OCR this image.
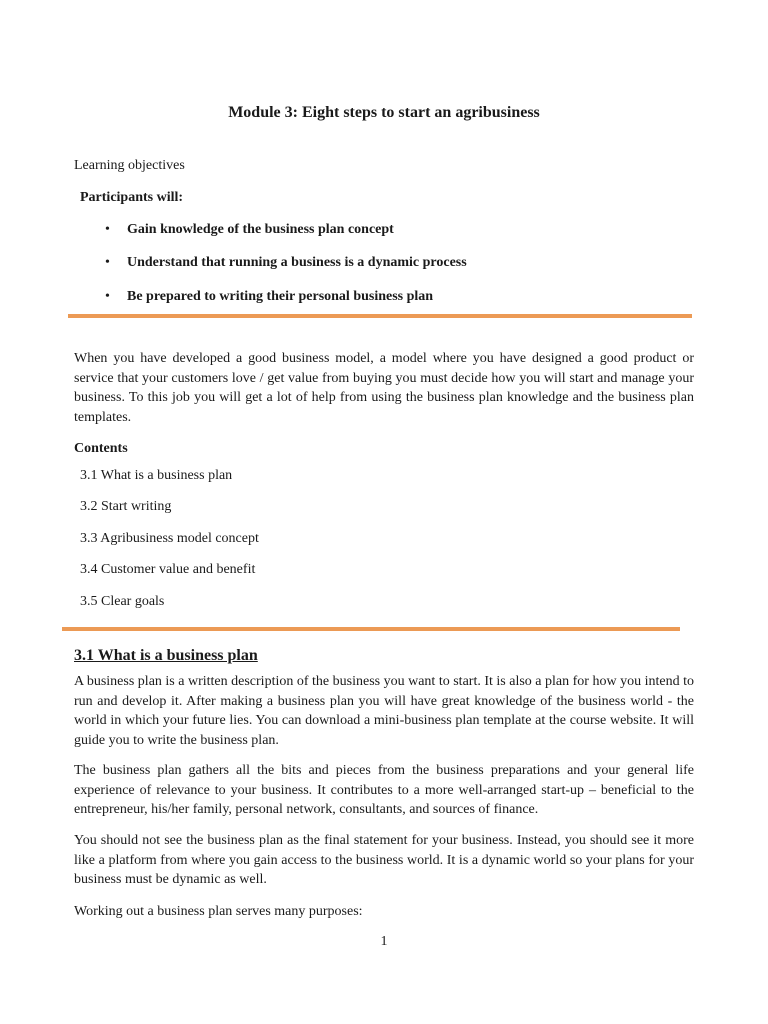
Module 3: Eight steps to start an agribusiness
Learning objectives
Participants will:
• Gain knowledge of the business plan concept
• Understand that running a business is a dynamic process
• Be prepared to writing their personal business plan
When you have developed a good business model, a model where you have designed a good product or service that your customers love / get value from buying you must decide how you will start and manage your business. To this job you will get a lot of help from using the business plan knowledge and the business plan templates.
Contents
3.1 What is a business plan
3.2 Start writing
3.3 Agribusiness model concept
3.4 Customer value and benefit
3.5 Clear goals
3.1 What is a business plan
A business plan is a written description of the business you want to start. It is also a plan for how you intend to run and develop it. After making a business plan you will have great knowledge of the business world - the world in which your future lies. You can download a mini-business plan template at the course website. It will guide you to write the business plan.
The business plan gathers all the bits and pieces from the business preparations and your general life experience of relevance to your business. It contributes to a more well-arranged start-up – beneficial to the entrepreneur, his/her family, personal network, consultants, and sources of finance.
You should not see the business plan as the final statement for your business. Instead, you should see it more like a platform from where you gain access to the business world. It is a dynamic world so your plans for your business must be dynamic as well.
Working out a business plan serves many purposes:
1
